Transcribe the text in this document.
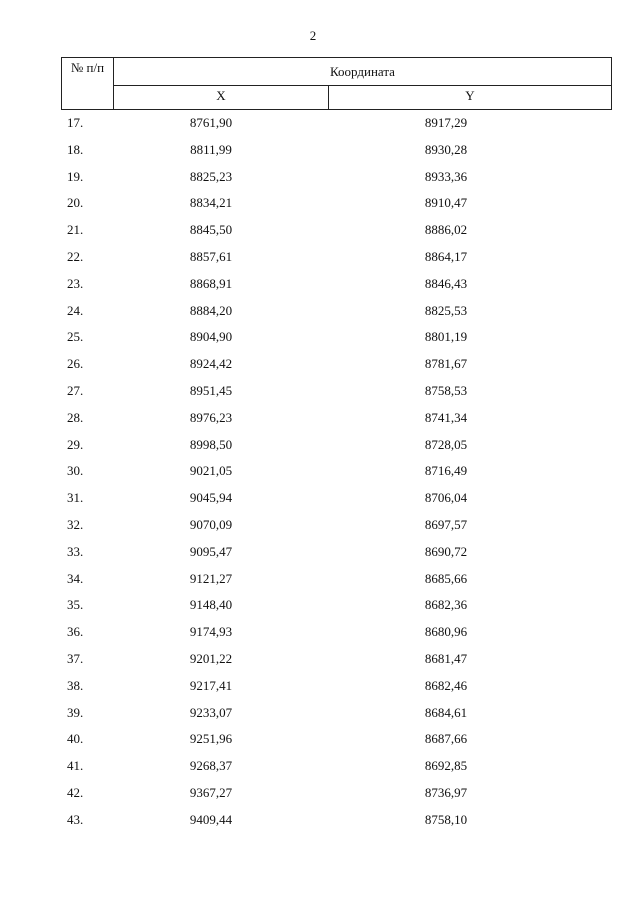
2
№ п/п	Координата
X	Y
17.	8761,90	8917,29
18.	8811,99	8930,28
19.	8825,23	8933,36
20.	8834,21	8910,47
21.	8845,50	8886,02
22.	8857,61	8864,17
23.	8868,91	8846,43
24.	8884,20	8825,53
25.	8904,90	8801,19
26.	8924,42	8781,67
27.	8951,45	8758,53
28.	8976,23	8741,34
29.	8998,50	8728,05
30.	9021,05	8716,49
31.	9045,94	8706,04
32.	9070,09	8697,57
33.	9095,47	8690,72
34.	9121,27	8685,66
35.	9148,40	8682,36
36.	9174,93	8680,96
37.	9201,22	8681,47
38.	9217,41	8682,46
39.	9233,07	8684,61
40.	9251,96	8687,66
41.	9268,37	8692,85
42.	9367,27	8736,97
43.	9409,44	8758,10
